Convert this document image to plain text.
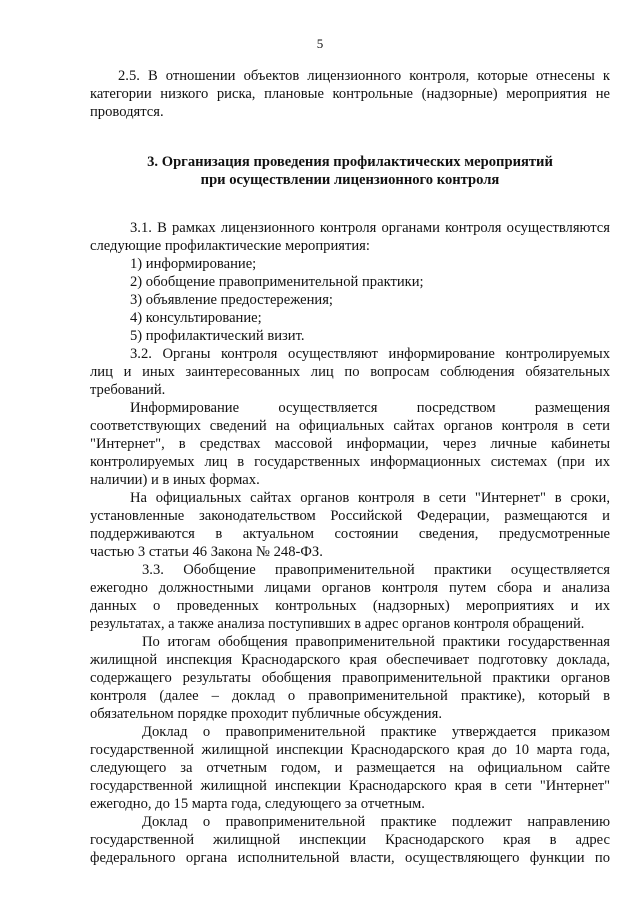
5
2.5. В отношении объектов лицензионного контроля, которые отнесены к
категории низкого риска, плановые контрольные (надзорные) мероприятия не
проводятся.
3. Организация проведения профилактических мероприятий
при осуществлении лицензионного контроля
3.1. В рамках лицензионного контроля органами контроля осуществляются
следующие профилактические мероприятия:
1) информирование;
2) обобщение правоприменительной практики;
3) объявление предостережения;
4) консультирование;
5) профилактический визит.
3.2. Органы контроля осуществляют информирование контролируемых
лиц и иных заинтересованных лиц по вопросам соблюдения обязательных
требований.
Информирование осуществляется посредством размещения
соответствующих сведений на официальных сайтах органов контроля в сети
"Интернет", в средствах массовой информации, через личные кабинеты
контролируемых лиц в государственных информационных системах (при их
наличии) и в иных формах.
На официальных сайтах органов контроля в сети "Интернет" в сроки,
установленные законодательством Российской Федерации, размещаются и
поддерживаются в актуальном состоянии сведения, предусмотренные
частью 3 статьи 46 Закона № 248-ФЗ.
3.3. Обобщение правоприменительной практики осуществляется
ежегодно должностными лицами органов контроля путем сбора и анализа
данных о проведенных контрольных (надзорных) мероприятиях и их
результатах, а также анализа поступивших в адрес органов контроля обращений.
По итогам обобщения правоприменительной практики государственная
жилищной инспекция Краснодарского края обеспечивает подготовку доклада,
содержащего результаты обобщения правоприменительной практики органов
контроля (далее – доклад о правоприменительной практике), который в
обязательном порядке проходит публичные обсуждения.
Доклад о правоприменительной практике утверждается приказом
государственной жилищной инспекции Краснодарского края до 10 марта года,
следующего за отчетным годом, и размещается на официальном сайте
государственной жилищной инспекции Краснодарского края в сети "Интернет"
ежегодно, до 15 марта года, следующего за отчетным.
Доклад о правоприменительной практике подлежит направлению
государственной жилищной инспекции Краснодарского края в адрес
федерального органа исполнительной власти, осуществляющего функции по
